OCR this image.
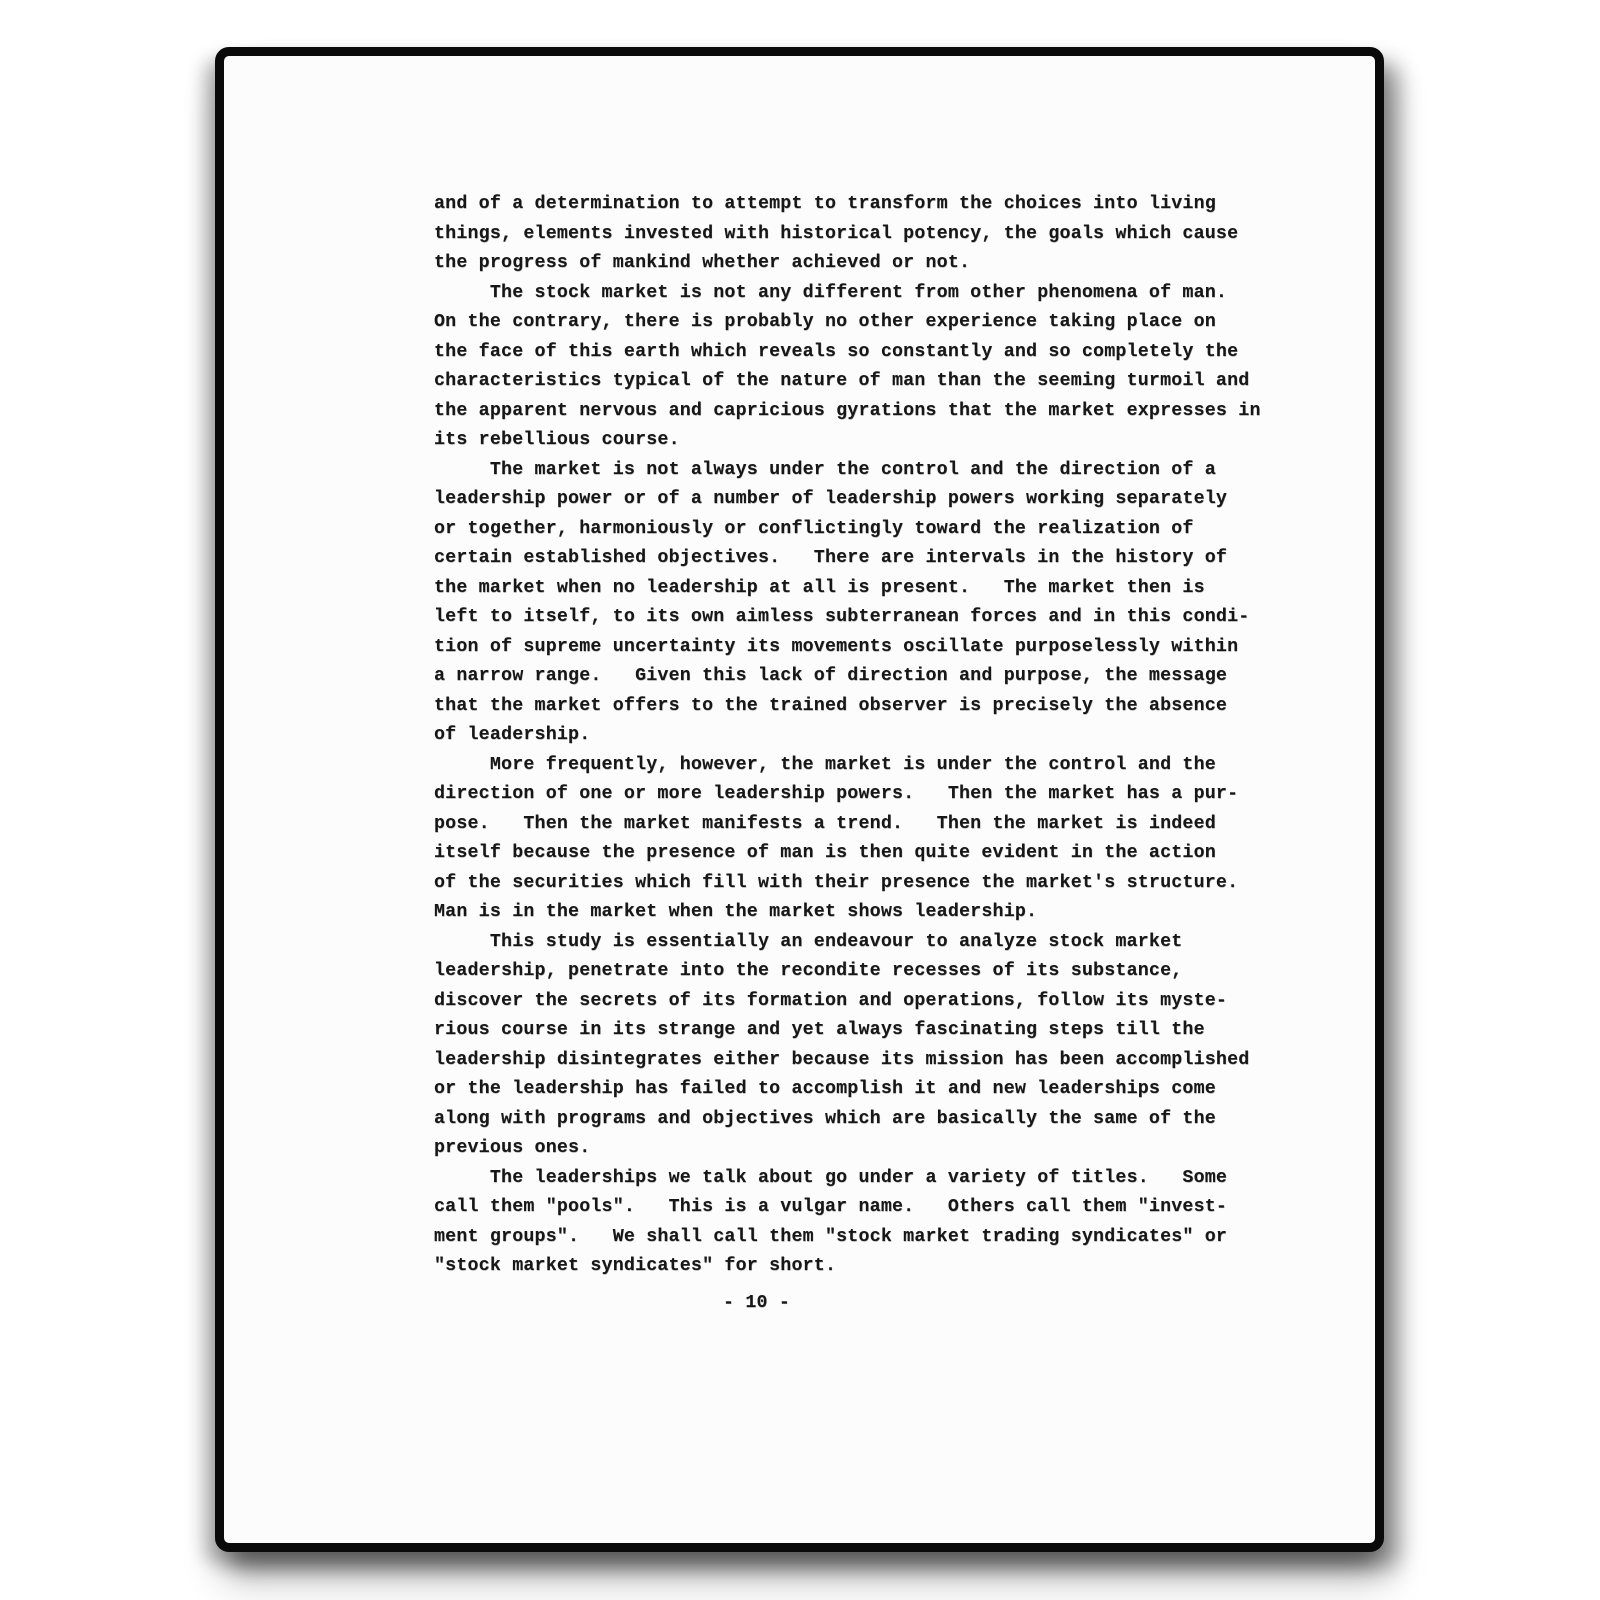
and of a determination to attempt to transform the choices into living
things, elements invested with historical potency, the goals which cause
the progress of mankind whether achieved or not.
The stock market is not any different from other phenomena of man.
On the contrary, there is probably no other experience taking place on
the face of this earth which reveals so constantly and so completely the
characteristics typical of the nature of man than the seeming turmoil and
the apparent nervous and capricious gyrations that the market expresses in
its rebellious course.
The market is not always under the control and the direction of a
leadership power or of a number of leadership powers working separately
or together, harmoniously or conflictingly toward the realization of
certain established objectives.   There are intervals in the history of
the market when no leadership at all is present.   The market then is
left to itself, to its own aimless subterranean forces and in this condi-
tion of supreme uncertainty its movements oscillate purposelessly within
a narrow range.   Given this lack of direction and purpose, the message
that the market offers to the trained observer is precisely the absence
of leadership.
More frequently, however, the market is under the control and the
direction of one or more leadership powers.   Then the market has a pur-
pose.   Then the market manifests a trend.   Then the market is indeed
itself because the presence of man is then quite evident in the action
of the securities which fill with their presence the market's structure.
Man is in the market when the market shows leadership.
This study is essentially an endeavour to analyze stock market
leadership, penetrate into the recondite recesses of its substance,
discover the secrets of its formation and operations, follow its myste-
rious course in its strange and yet always fascinating steps till the
leadership disintegrates either because its mission has been accomplished
or the leadership has failed to accomplish it and new leaderships come
along with programs and objectives which are basically the same of the
previous ones.
The leaderships we talk about go under a variety of titles.   Some
call them "pools".   This is a vulgar name.   Others call them "invest-
ment groups".   We shall call them "stock market trading syndicates" or
"stock market syndicates" for short.
- 10 -
